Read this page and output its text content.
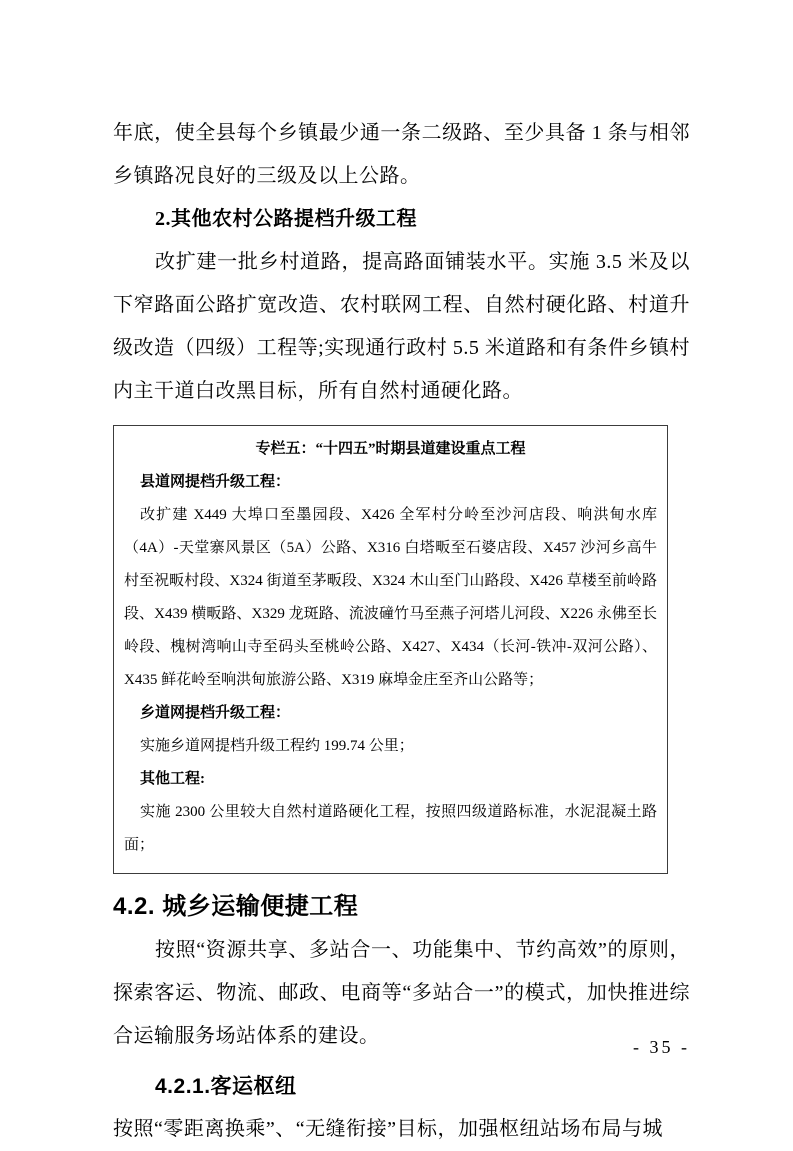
年底，使全县每个乡镇最少通一条二级路、至少具备 1 条与相邻乡镇路况良好的三级及以上公路。

2.其他农村公路提档升级工程

改扩建一批乡村道路，提高路面铺装水平。实施 3.5 米及以下窄路面公路扩宽改造、农村联网工程、自然村硬化路、村道升级改造（四级）工程等;实现通行政村 5.5 米道路和有条件乡镇村内主干道白改黑目标，所有自然村通硬化路。

专栏五：“十四五”时期县道建设重点工程
县道网提档升级工程：

改扩建 X449 大埠口至墨园段、X426 全军村分岭至沙河店段、响洪甸水库（4A）-天堂寨风景区（5A）公路、X316 白塔畈至石婆店段、X457 沙河乡高牛村至祝畈村段、X324 街道至茅畈段、X324 木山至门山路段、X426 草楼至前岭路段、X439 横畈路、X329 龙斑路、流波䃥竹马至燕子河塔儿河段、X226 永佛至长岭段、槐树湾响山寺至码头至桃岭公路、X427、X434（长河-铁冲-双河公路）、X435 鲜花岭至响洪甸旅游公路、X319 麻埠金庄至齐山公路等；

乡道网提档升级工程：

实施乡道网提档升级工程约 199.74 公里；

其他工程:

实施 2300 公里较大自然村道路硬化工程，按照四级道路标准，水泥混凝土路面；

4.2. 城乡运输便捷工程

按照“资源共享、多站合一、功能集中、节约高效”的原则，探索客运、物流、邮政、电商等“多站合一”的模式，加快推进综合运输服务场站体系的建设。

4.2.1.客运枢纽

按照“零距离换乘”、“无缝衔接”目标，加强枢纽站场布局与城

- 35 -
